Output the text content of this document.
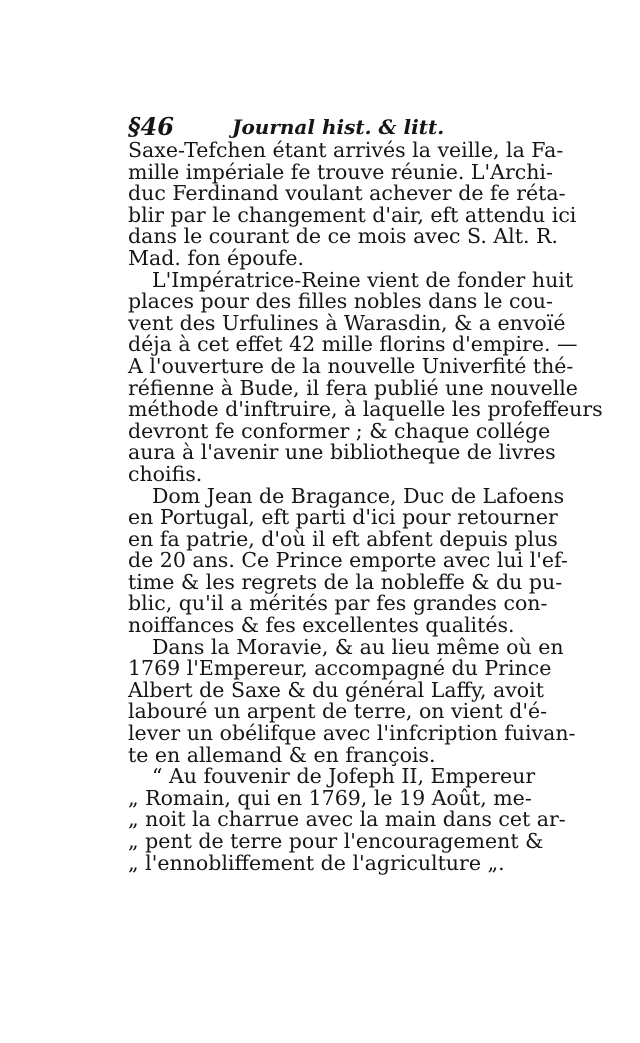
§46	Journal hist. & litt.
Saxe-Tefchen étant arrivés la veille, la Fa-
mille impériale fe trouve réunie. L'Archi-
duc Ferdinand voulant achever de fe réta-
blir par le changement d'air, eft attendu ici
dans le courant de ce mois avec S. Alt. R.
Mad. fon époufe.
L'Impératrice-Reine vient de fonder huit
places pour des filles nobles dans le cou-
vent des Urfulines à Warasdin, & a envoïé
déja à cet effet 42 mille florins d'empire. —
A l'ouverture de la nouvelle Univerfité thé-
réfienne à Bude, il fera publié une nouvelle
méthode d'inftruire, à laquelle les profeffeurs
devront fe conformer ; & chaque collége
aura à l'avenir une bibliotheque de livres
choifis.
Dom Jean de Bragance, Duc de Lafoens
en Portugal, eft parti d'ici pour retourner
en fa patrie, d'où il eft abfent depuis plus
de 20 ans. Ce Prince emporte avec lui l'ef-
time & les regrets de la nobleffe & du pu-
blic, qu'il a mérités par fes grandes con-
noiffances & fes excellentes qualités.
Dans la Moravie, & au lieu même où en
1769 l'Empereur, accompagné du Prince
Albert de Saxe & du général Laffy, avoit
labouré un arpent de terre, on vient d'é-
lever un obélifque avec l'infcription fuivan-
te en allemand & en françois.
“ Au fouvenir de Jofeph II, Empereur
„ Romain, qui en 1769, le 19 Août, me-
„ noit la charrue avec la main dans cet ar-
„ pent de terre pour l'encouragement &
„ l'ennobliffement de l'agriculture „.
